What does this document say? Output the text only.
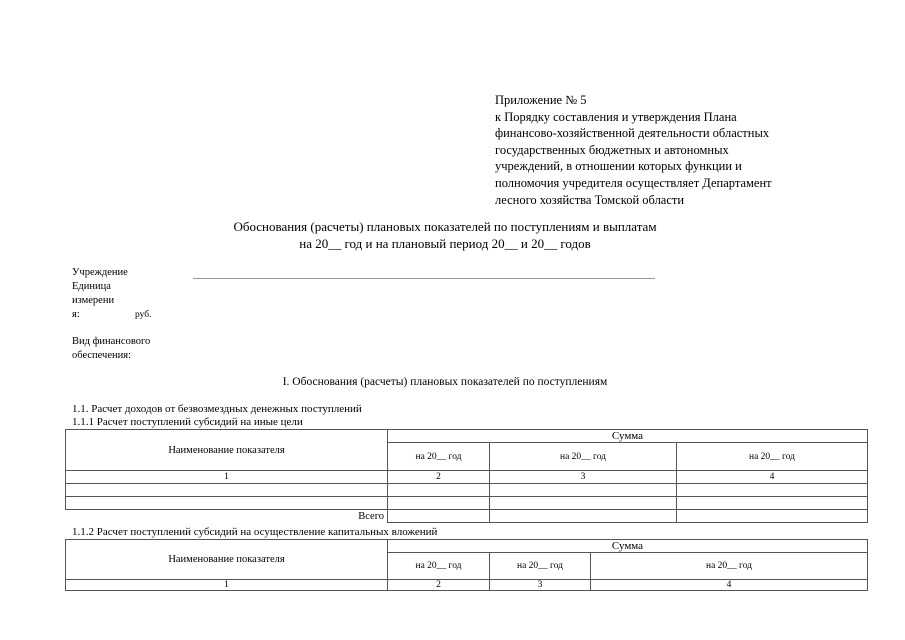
Приложение № 5
к Порядку составления и утверждения Плана
финансово-хозяйственной деятельности областных
государственных бюджетных и автономных
учреждений, в отношении которых функции и
полномочия учредителя осуществляет Департамент
лесного хозяйства Томской области
Обоснования (расчеты) плановых показателей по поступлениям и выплатам
на 20__ год и на плановый период 20__ и 20__ годов
Учреждение
Единица
измерени
я:	руб.
Вид финансового
обеспечения:
I. Обоснования (расчеты) плановых показателей по поступлениям
1.1. Расчет доходов от безвозмездных денежных поступлений
1.1.1 Расчет поступлений субсидий на иные цели
Наименование показателя	Сумма		
	на 20__ год	на 20__ год	на 20__ год
1	2	3	4

Всего			
1.1.2 Расчет поступлений субсидий на осуществление капитальных вложений
Наименование показателя	Сумма		
	на 20__ год	на 20__ год	на 20__ год
1	2	3	4
